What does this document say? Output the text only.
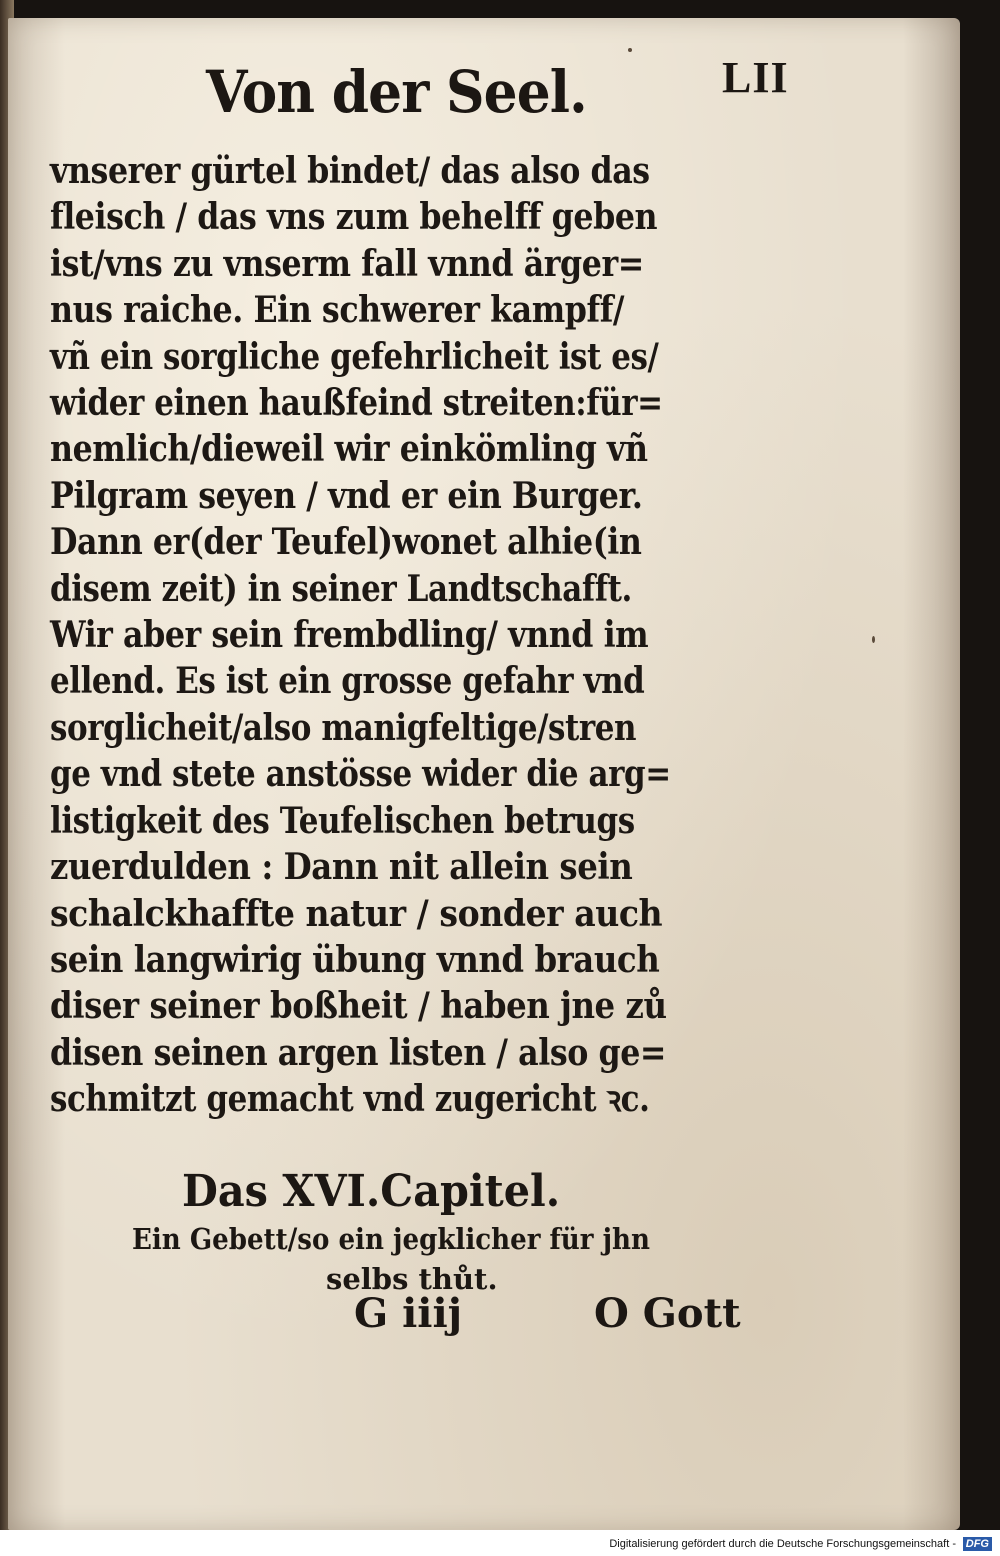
Von der Seel.	LII
vnserer gürtel bindet/ das also das
fleisch / das vns zum behelff geben
ist/vns zu vnserm fall vnnd ärger=
nus raiche. Ein schwerer kampff/
vñ ein sorgliche gefehrlicheit ist es/
wider einen haußfeind streiten:für=
nemlich/dieweil wir einkömling vñ
Pilgram seyen / vnd er ein Burger.
Dann er(der Teufel)wonet alhie(in
disem zeit) in seiner Landtschafft.
Wir aber sein frembdling/ vnnd im
ellend. Es ist ein grosse gefahr vnd
sorglicheit/also manigfeltige/stren
ge vnd stete anstösse wider die arg=
listigkeit des Teufelischen betrugs
zuerdulden : Dann nit allein sein
schalckhaffte natur / sonder auch
sein langwirig übung vnnd brauch
diser seiner boßheit / haben jne zů
disen seinen argen listen / also ge=
schmitzt gemacht vnd zugericht ꝛc.
Das XVI.Capitel.
Ein Gebett/so ein jegklicher für jhn
selbs thůt.
G iiij	O Gott
Digitalisierung gefördert durch die Deutsche Forschungsgemeinschaft - DFG
